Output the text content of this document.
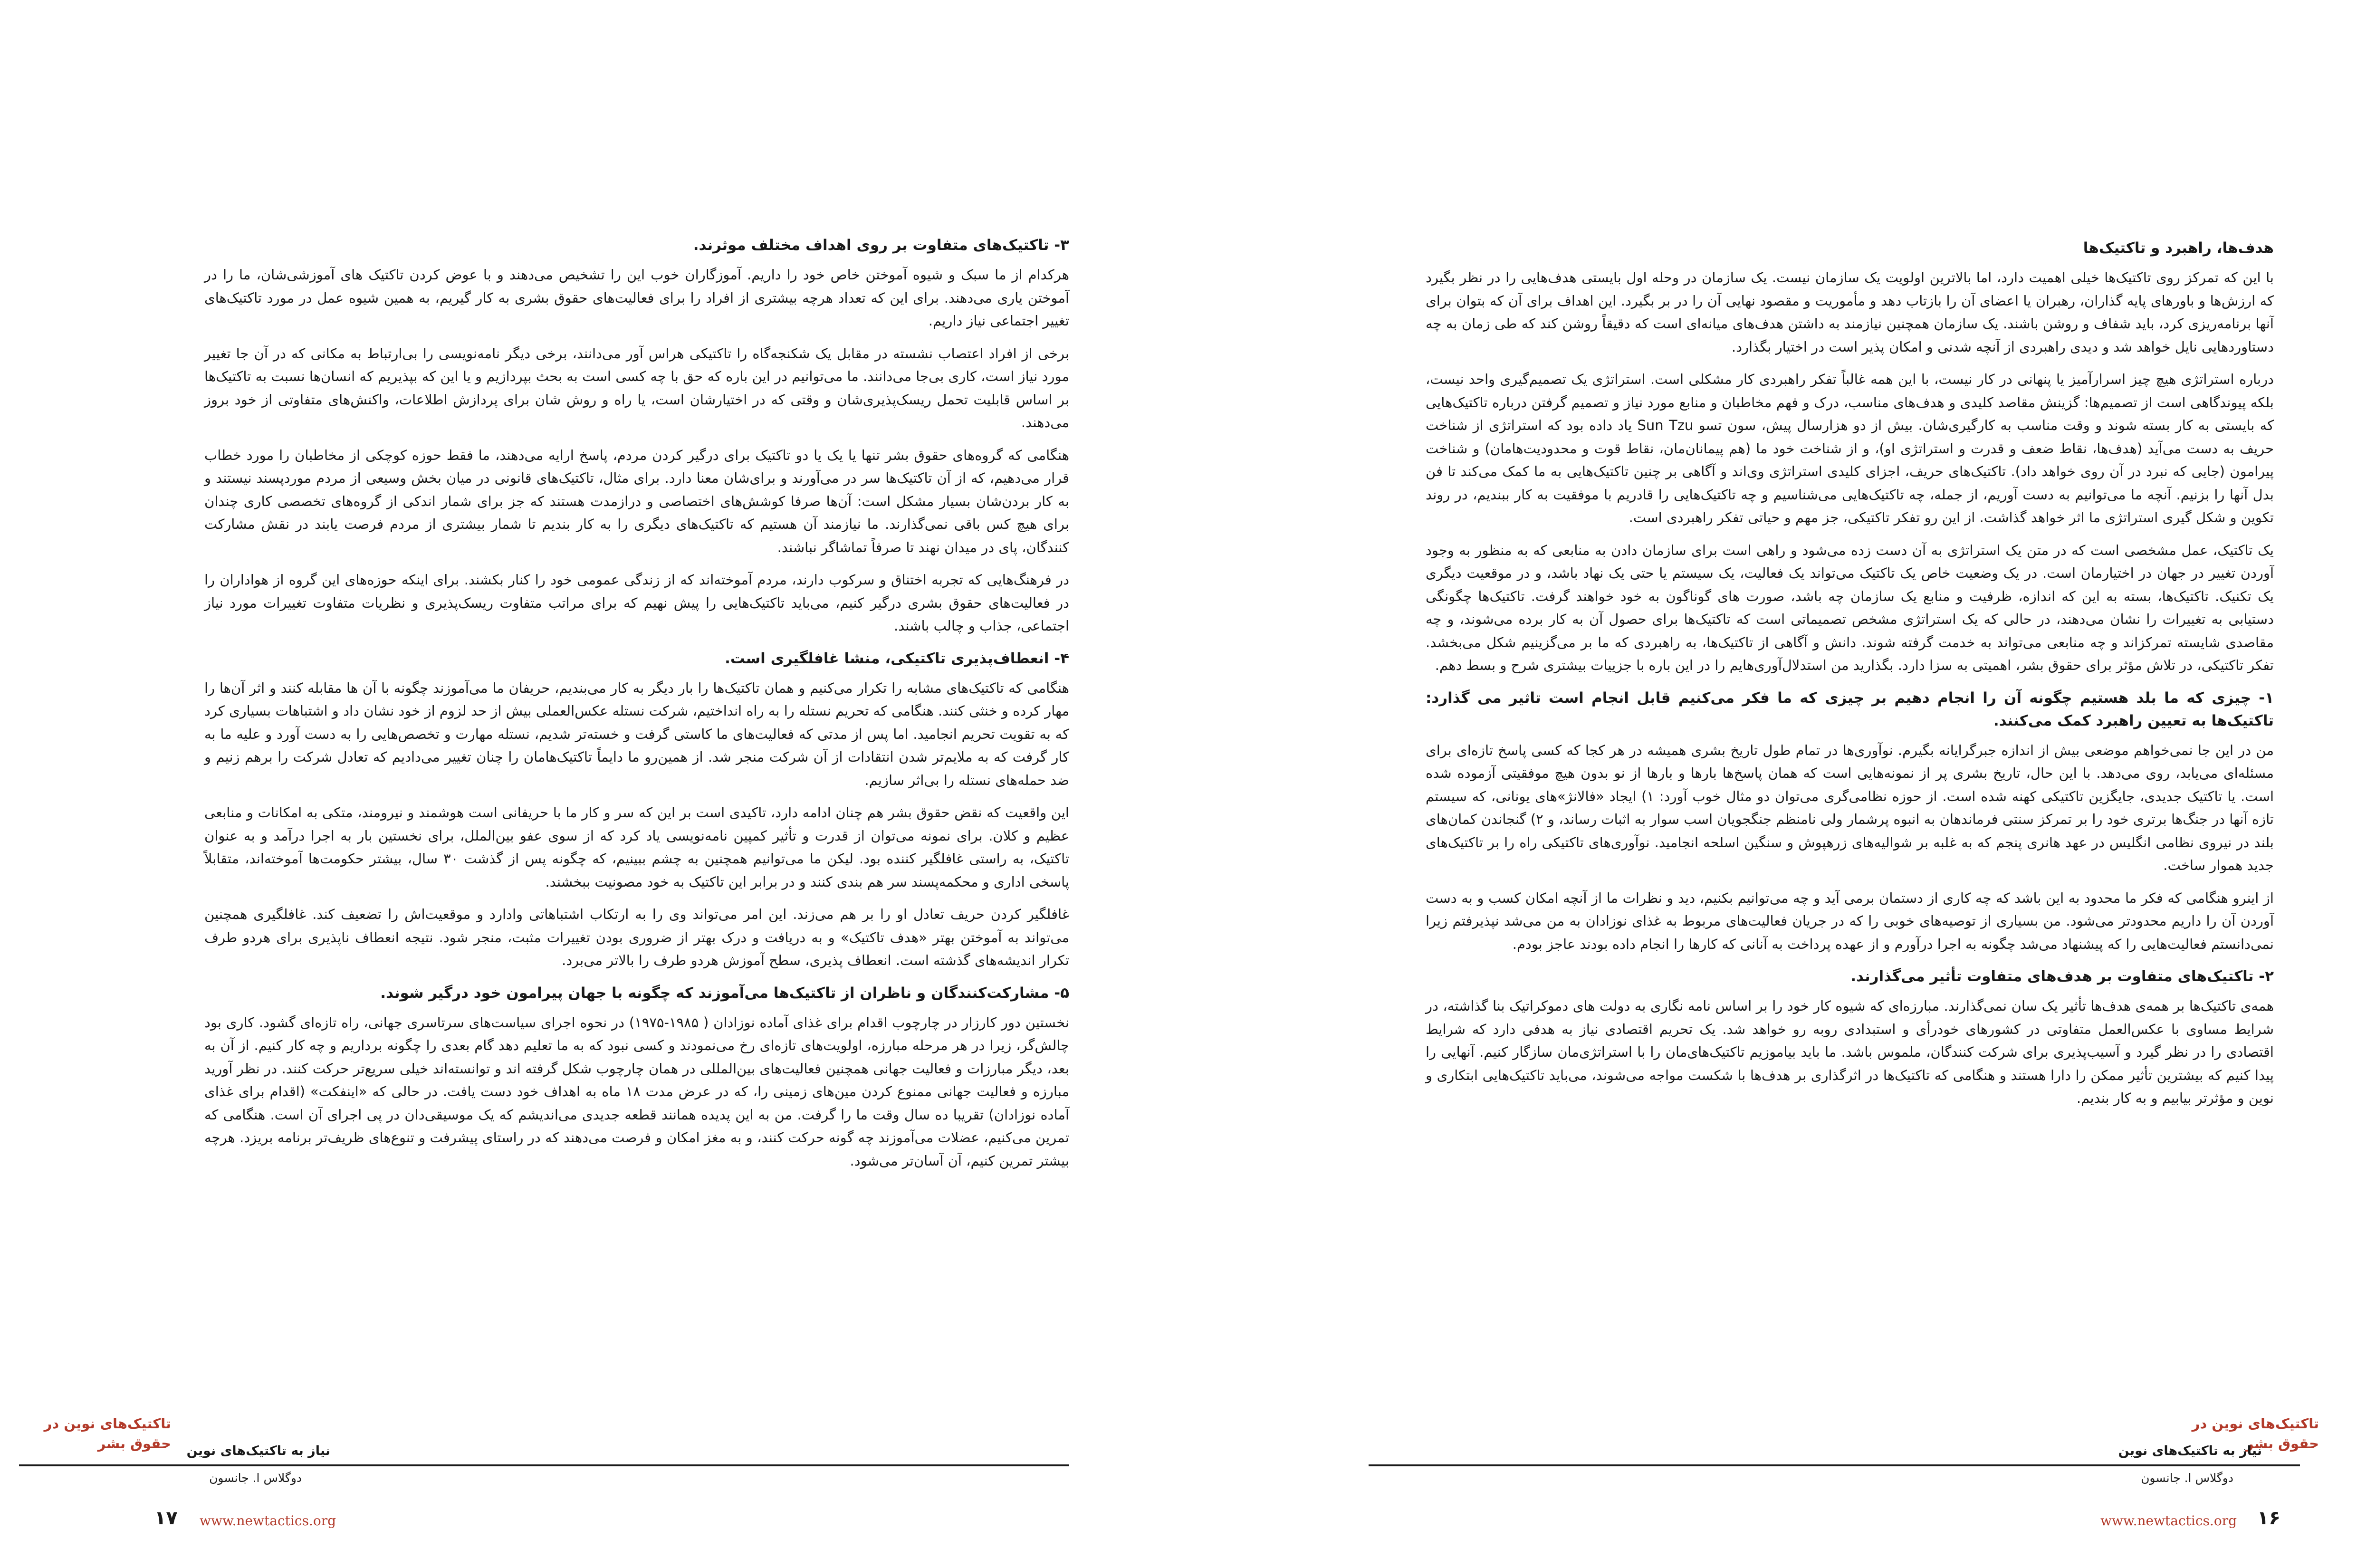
هدف‌ها، راهبرد و تاکتیک‌ها

با این که تمرکز روی تاکتیک‌ها خیلی اهمیت دارد، اما بالاترین اولویت یک سازمان نیست. یک سازمان در وحله اول بایستی هدف‌هایی را در نظر بگیرد که ارزش‌ها و باورهای پایه گذاران، رهبران یا اعضای آن را بازتاب دهد و مأموریت و مقصود نهایی آن را در بر بگیرد. این اهداف برای آن که بتوان برای آنها برنامه‌ریزی کرد، باید شفاف و روشن باشند. یک سازمان همچنین نیازمند به داشتن هدف‌های میانه‌ای است که دقیقاً روشن کند که طی زمان به چه دستاوردهایی نایل خواهد شد و دیدی راهبردی از آنچه شدنی و امکان پذیر است در اختیار بگذارد.

درباره استراتژی هیچ چیز اسرارآمیز یا پنهانی در کار نیست، با این همه غالباً تفکر راهبردی کار مشکلی است. استراتژی یک تصمیم‌گیری واحد نیست، بلکه پیوندگاهی است از تصمیم‌ها: گزینش مقاصد کلیدی و هدف‌های مناسب، درک و فهم مخاطبان و منابع مورد نیاز و تصمیم گرفتن درباره تاکتیک‌هایی که بایستی به کار بسته شوند و وقت مناسب به کارگیری‌شان. بیش از دو هزارسال پیش، سون تسو Sun Tzu یاد داده بود که استراتژی از شناخت حریف به دست می‌آید (هدف‌ها، نقاط ضعف و قدرت و استراتژی او)، و از شناخت خود ما (هم پیمانان‌مان، نقاط قوت و محدودیت‌هامان) و شناخت پیرامون (جایی که نبرد در آن روی خواهد داد). تاکتیک‌های حریف، اجزای کلیدی استراتژی وی‌اند و آگاهی بر چنین تاکتیک‌هایی به ما کمک می‌کند تا فن بدل آنها را بزنیم. آنچه ما می‌توانیم به دست آوریم، از جمله، چه تاکتیک‌هایی می‌شناسیم و چه تاکتیک‌هایی را قادریم با موفقیت به کار ببندیم، در روند تکوین و شکل گیری استراتژی ما اثر خواهد گذاشت. از این رو تفکر تاکتیکی، جز مهم و حیاتی تفکر راهبردی است.

یک تاکتیک، عمل مشخصی است که در متن یک استراتژی به آن دست زده می‌شود و راهی است برای سازمان دادن به منابعی که به منظور به وجود آوردن تغییر در جهان در اختیارمان است. در یک وضعیت خاص یک تاکتیک می‌تواند یک فعالیت، یک سیستم یا حتی یک نهاد باشد، و در موقعیت دیگری یک تکنیک. تاکتیک‌ها، بسته به این که اندازه، ظرفیت و منابع یک سازمان چه باشد، صورت های گوناگون به خود خواهند گرفت. تاکتیک‌ها چگونگی دستیابی به تغییرات را نشان می‌دهند، در حالی که یک استراتژی مشخص تصمیماتی است که تاکتیک‌ها برای حصول آن به کار برده می‌شوند، و چه مقاصدی شایسته تمرکزاند و چه منابعی می‌تواند به خدمت گرفته شوند. دانش و آگاهی از تاکتیک‌ها، به راهبردی که ما بر می‌گزینیم شکل می‌بخشد. تفکر تاکتیکی، در تلاش مؤثر برای حقوق بشر، اهمیتی به سزا دارد. بگذارید من استدلال‌آوری‌هایم را در این باره با جزییات بیشتری شرح و بسط دهم.

۱- چیزی که ما بلد هستیم چگونه آن را انجام دهیم بر چیزی که ما فکر می‌کنیم قابل انجام است تاثیر می گذارد: تاکتیک‌ها به تعیین راهبرد کمک می‌کنند.

من در این جا نمی‌خواهم موضعی بیش از اندازه جبرگرایانه بگیرم. نوآوری‌ها در تمام طول تاریخ بشری همیشه در هر کجا که کسی پاسخ تازه‌ای برای مسئله‌ای می‌یابد، روی می‌دهد. با این حال، تاریخ بشری پر از نمونه‌هایی است که همان پاسخ‌ها بارها و بارها از نو بدون هیچ موفقیتی آزموده شده است. یا تاکتیک جدیدی، جایگزین تاکتیکی کهنه شده است. از حوزه نظامی‌گری می‌توان دو مثال خوب آورد: ۱) ایجاد «فالانژ»های یونانی، که سیستم تازه آنها در جنگ‌ها برتری خود را بر تمرکز سنتی فرماندهان به انبوه پرشمار ولی نامنظم جنگجویان اسب سوار به اثبات رساند، و ۲) گنجاندن کمان‌های بلند در نیروی نظامی انگلیس در عهد هانری پنجم که به غلبه بر شوالیه‌های زرهپوش و سنگین اسلحه انجامید. نوآوری‌های تاکتیکی راه را بر تاکتیک‌های جدید هموار ساخت.

از اینرو هنگامی که فکر ما محدود به این باشد که چه کاری از دستمان برمی آید و چه می‌توانیم بکنیم، دید و نظرات ما از آنچه امکان کسب و به دست آوردن آن را داریم محدودتر می‌شود. من بسیاری از توصیه‌های خوبی را که در جریان فعالیت‌های مربوط به غذای نوزادان به من می‌شد نپذیرفتم زیرا نمی‌دانستم فعالیت‌هایی را که پیشنهاد می‌شد چگونه به اجرا درآورم و از عهده پرداخت به آنانی که کارها را انجام داده بودند عاجز بودم.

۲- تاکتیک‌های متفاوت بر هدف‌های متفاوت تأثیر می‌گذارند.

همه‌ی تاکتیک‌ها بر همه‌ی هدف‌ها تأثیر یک سان نمی‌گذارند. مبارزه‌ای که شیوه کار خود را بر اساس نامه نگاری به دولت های دموکراتیک بنا گذاشته، در شرایط مساوی با عکس‌العمل متفاوتی در کشورهای خودرأی و استبدادی روبه رو خواهد شد. یک تحریم اقتصادی نیاز به هدفی دارد که شرایط اقتصادی را در نظر گیرد و آسیب‌پذیری برای شرکت کنندگان، ملموس باشد. ما باید بیاموزیم تاکتیک‌های‌مان را با استراتژی‌مان سازگار کنیم. آنهایی را پیدا کنیم که بیشترین تأثیر ممکن را دارا هستند و هنگامی که تاکتیک‌ها در اثرگذاری بر هدف‌ها با شکست مواجه می‌شوند، می‌باید تاکتیک‌هایی ابتکاری و نوین و مؤثرتر بیابیم و به کار بندیم.

۳- تاکتیک‌های متفاوت بر روی اهداف مختلف موثرند.

هرکدام از ما سبک و شیوه آموختن خاص خود را داریم. آموزگاران خوب این را تشخیص می‌دهند و با عوض کردن تاکتیک های آموزشی‌شان، ما را در آموختن یاری می‌دهند. برای این که تعداد هرچه بیشتری از افراد را برای فعالیت‌های حقوق بشری به کار گیریم، به همین شیوه عمل در مورد تاکتیک‌های تغییر اجتماعی نیاز داریم.

برخی از افراد اعتصاب نشسته در مقابل یک شکنجه‌گاه را تاکتیکی هراس آور می‌دانند، برخی دیگر نامه‌نویسی را بی‌ارتباط به مکانی که در آن جا تغییر مورد نیاز است، کاری بی‌جا می‌دانند. ما می‌توانیم در این باره که حق با چه کسی است به بحث بپردازیم و یا این که بپذیریم که انسان‌ها نسبت به تاکتیک‌ها بر اساس قابلیت تحمل ریسک‌پذیری‌شان و وقتی که در اختیارشان است، یا راه و روش شان برای پردازش اطلاعات، واکنش‌های متفاوتی از خود بروز می‌دهند.

هنگامی که گروه‌های حقوق بشر تنها یا یک یا دو تاکتیک برای درگیر کردن مردم، پاسخ ارایه می‌دهند، ما فقط حوزه کوچکی از مخاطبان را مورد خطاب قرار می‌دهیم، که از آن تاکتیک‌ها سر در می‌آورند و برای‌شان معنا دارد. برای مثال، تاکتیک‌های قانونی در میان بخش وسیعی از مردم موردپسند نیستند و به کار بردن‌شان بسیار مشکل است: آن‌ها صرفا کوشش‌های اختصاصی و درازمدت هستند که جز برای شمار اندکی از گروه‌های تخصصی کاری چندان برای هیچ کس باقی نمی‌گذارند. ما نیازمند آن هستیم که تاکتیک‌های دیگری را به کار بندیم تا شمار بیشتری از مردم فرصت یابند در نقش مشارکت کنندگان، پای در میدان نهند تا صرفاً تماشاگر نباشند.

در فرهنگ‌هایی که تجربه اختناق و سرکوب دارند، مردم آموخته‌اند که از زندگی عمومی خود را کنار بکشند. برای اینکه حوزه‌های این گروه از هواداران را در فعالیت‌های حقوق بشری درگیر کنیم، می‌باید تاکتیک‌هایی را پیش نهیم که برای مراتب متفاوت ریسک‌پذیری و نظریات متفاوت تغییرات مورد نیاز اجتماعی، جذاب و چالب باشند.

۴- انعطاف‌پذیری تاکتیکی، منشا غافلگیری است.

هنگامی که تاکتیک‌های مشابه را تکرار می‌کنیم و همان تاکتیک‌ها را بار دیگر به کار می‌بندیم، حریفان ما می‌آموزند چگونه با آن ها مقابله کنند و اثر آن‌ها را مهار کرده و خنثی کنند. هنگامی که تحریم نستله را به راه انداختیم، شرکت نستله عکس‌العملی بیش از حد لزوم از خود نشان داد و اشتباهات بسیاری کرد که به تقویت تحریم انجامید. اما پس از مدتی که فعالیت‌های ما کاستی گرفت و خسته‌تر شدیم، نستله مهارت و تخصص‌هایی را به دست آورد و علیه ما به کار گرفت که به ملایم‌تر شدن انتقادات از آن شرکت منجر شد. از همین‌رو ما دایماً تاکتیک‌هامان را چنان تغییر می‌دادیم که تعادل شرکت را برهم زنیم و ضد حمله‌های نستله را بی‌اثر سازیم.

این واقعیت که نقض حقوق بشر هم چنان ادامه دارد، تاکیدی است بر این که سر و کار ما با حریفانی است هوشمند و نیرومند، متکی به امکانات و منابعی عظیم و کلان. برای نمونه می‌توان از قدرت و تأثیر کمپین نامه‌نویسی یاد کرد که از سوی عفو بین‌الملل، برای نخستین بار به اجرا درآمد و به عنوان تاکتیک، به راستی غافلگیر کننده بود. لیکن ما می‌توانیم همچنین به چشم ببینیم، که چگونه پس از گذشت ۳۰ سال، بیشتر حکومت‌ها آموخته‌اند، متقابلاً پاسخی اداری و محکمه‌پسند سر هم بندی کنند و در برابر این تاکتیک به خود مصونیت ببخشند.

غافلگیر کردن حریف تعادل او را بر هم می‌زند. این امر می‌تواند وی را به ارتکاب اشتباهاتی وادارد و موقعیت‌اش را تضعیف کند. غافلگیری همچنین می‌تواند به آموختن بهتر «هدف تاکتیک» و به دریافت و درک بهتر از ضروری بودن تغییرات مثبت، منجر شود. نتیجه انعطاف ناپذیری برای هردو طرف تکرار اندیشه‌های گذشته است. انعطاف پذیری، سطح آموزش هردو طرف را بالاتر می‌برد.

۵- مشارکت‌کنندگان و ناظران از تاکتیک‌ها می‌آموزند که چگونه با جهان پیرامون خود درگیر شوند.

نخستین دور کارزار در چارچوب اقدام برای غذای آماده نوزادان ( ۱۹۸۵-۱۹۷۵) در نحوه اجرای سیاست‌های سرتاسری جهانی، راه تازه‌ای گشود. کاری بود چالش‌گر، زیرا در هر مرحله مبارزه، اولویت‌های تازه‌ای رخ می‌نمودند و کسی نبود که به ما تعلیم دهد گام بعدی را چگونه برداریم و چه کار کنیم. از آن به بعد، دیگر مبارزات و فعالیت جهانی همچنین فعالیت‌های بین‌المللی در همان چارچوب شکل گرفته اند و توانسته‌اند خیلی سریع‌تر حرکت کنند. در نظر آورید مبارزه و فعالیت جهانی ممنوع کردن مین‌های زمینی را، که در عرض مدت ۱۸ ماه به اهداف خود دست یافت. در حالی که «اینفکت» (اقدام برای غذای آماده نوزادان) تقریبا ده سال وقت ما را گرفت. من به این پدیده همانند قطعه جدیدی می‌اندیشم که یک موسیقی‌دان در پی اجرای آن است. هنگامی که تمرین می‌کنیم، عضلات می‌آموزند چه گونه حرکت کنند، و به مغز امکان و فرصت می‌دهند که در راستای پیشرفت و تنوع‌های ظریف‌تر برنامه بریزد. هرچه بیشتر تمرین کنیم، آن آسان‌تر می‌شود.

تاکتیک‌های نوین در
حقوق بشر
نیاز به تاکتیک‌های نوین
دوگلاس ا. جانسون
www.newtactics.org ۱۶
تاکتیک‌های نوین در
حقوق بشر نیاز به تاکتیک‌های نوین
دوگلاس ا. جانسون
www.newtactics.org
۱۷
